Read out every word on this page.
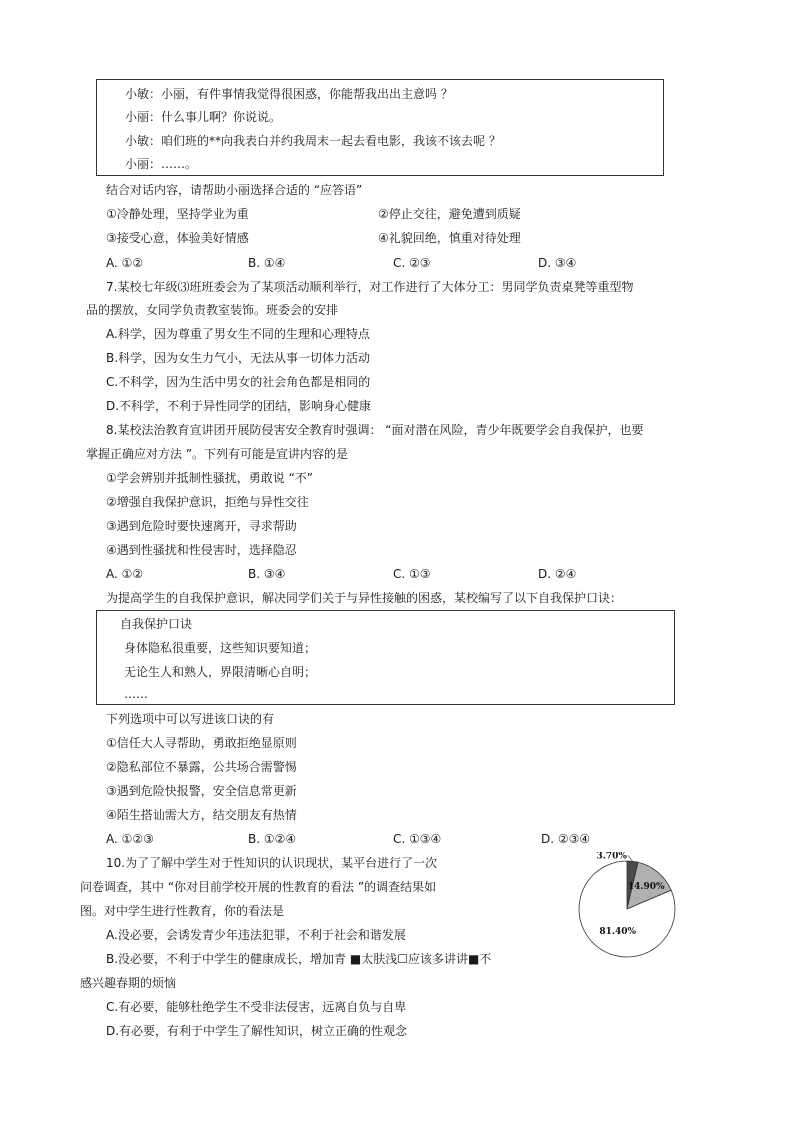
小敏：小丽，有件事情我觉得很困惑，你能帮我出出主意吗 ？
小丽：什么事儿啊？你说说。
小敏：咱们班的**向我表白并约我周末一起去看电影，我该不该去呢 ？
小丽：……。
结合对话内容，请帮助小丽选择合适的 “应答语”
①冷静处理，坚持学业为重	②停止交往，避免遭到质疑
③接受心意，体验美好情感	④礼貌回绝，慎重对待处理
A. ①②	B. ①④	C. ②③	D. ③④
7.某校七年级⑶班班委会为了某项活动顺利举行，对工作进行了大体分工：男同学负责桌凳等重型物
品的摆放，女同学负责教室装饰。班委会的安排
A.科学，因为尊重了男女生不同的生理和心理特点
B.科学，因为女生力气小，无法从事一切体力活动
C.不科学，因为生活中男女的社会角色都是相同的
D.不科学，不利于异性同学的团结，影响身心健康
8.某校法治教育宣讲团开展防侵害安全教育时强调： “面对潜在风险，青少年既要学会自我保护，也要
掌握正确应对方法 ”。下列有可能是宣讲内容的是
①学会辨别并抵制性骚扰，勇敢说 “不”
②增强自我保护意识，拒绝与异性交往
③遇到危险时要快速离开，寻求帮助
④遇到性骚扰和性侵害时，选择隐忍
A. ①②	B. ③④	C. ①③	D. ②④
为提高学生的自我保护意识，解决同学们关于与异性接触的困惑，某校编写了以下自我保护口诀：
自我保护口诀
身体隐私很重要，这些知识要知道；
无论生人和熟人，界限清晰心自明；
……
下列选项中可以写进该口诀的有
①信任大人寻帮助，勇敢拒绝显原则
②隐私部位不暴露，公共场合需警惕
③遇到危险快报警，安全信息常更新
④陌生搭讪需大方，结交朋友有热情
A. ①②③	B. ①②④	C. ①③④	D. ②③④
10.为了了解中学生对于性知识的认识现状，某平台进行了一次
问卷调查，其中 “你对目前学校开展的性教育的看法 ”的调查结果如
图。对中学生进行性教育，你的看法是
A.没必要，会诱发青少年违法犯罪，不利于社会和谐发展
B.没必要，不利于中学生的健康成长，增加青 ■太肤浅☐应该多讲讲■不
感兴趣春期的烦恼
C.有必要，能够杜绝学生不受非法侵害，远离自负与自卑
D.有必要，有利于中学生了解性知识，树立正确的性观念
3.70%
14.90%
81.40%
